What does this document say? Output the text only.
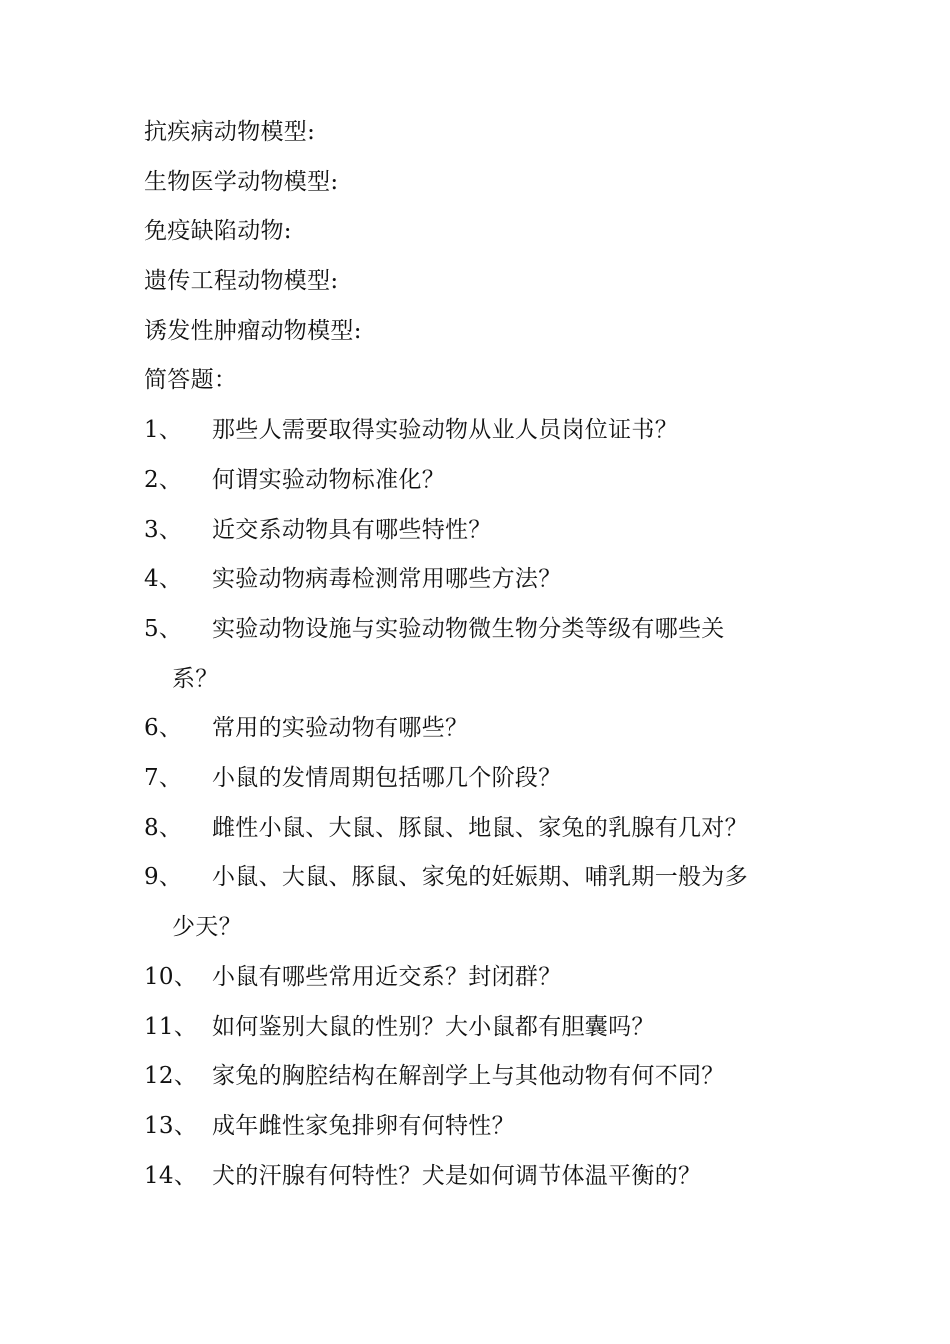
抗疾病动物模型:
生物医学动物模型:
免疫缺陷动物:
遗传工程动物模型:
诱发性肿瘤动物模型:
简答题：
1、	那些人需要取得实验动物从业人员岗位证书？
2、	何谓实验动物标准化？
3、	近交系动物具有哪些特性？
4、	实验动物病毒检测常用哪些方法？
5、	实验动物设施与实验动物微生物分类等级有哪些关
系？
6、	常用的实验动物有哪些？
7、	小鼠的发情周期包括哪几个阶段？
8、	雌性小鼠、大鼠、豚鼠、地鼠、家兔的乳腺有几对？
9、	小鼠、大鼠、豚鼠、家兔的妊娠期、哺乳期一般为多
少天？
10、 小鼠有哪些常用近交系？封闭群？
11、 如何鉴别大鼠的性别？大小鼠都有胆囊吗？
12、 家兔的胸腔结构在解剖学上与其他动物有何不同？
13、 成年雌性家兔排卵有何特性？
14、 犬的汗腺有何特性？犬是如何调节体温平衡的？
